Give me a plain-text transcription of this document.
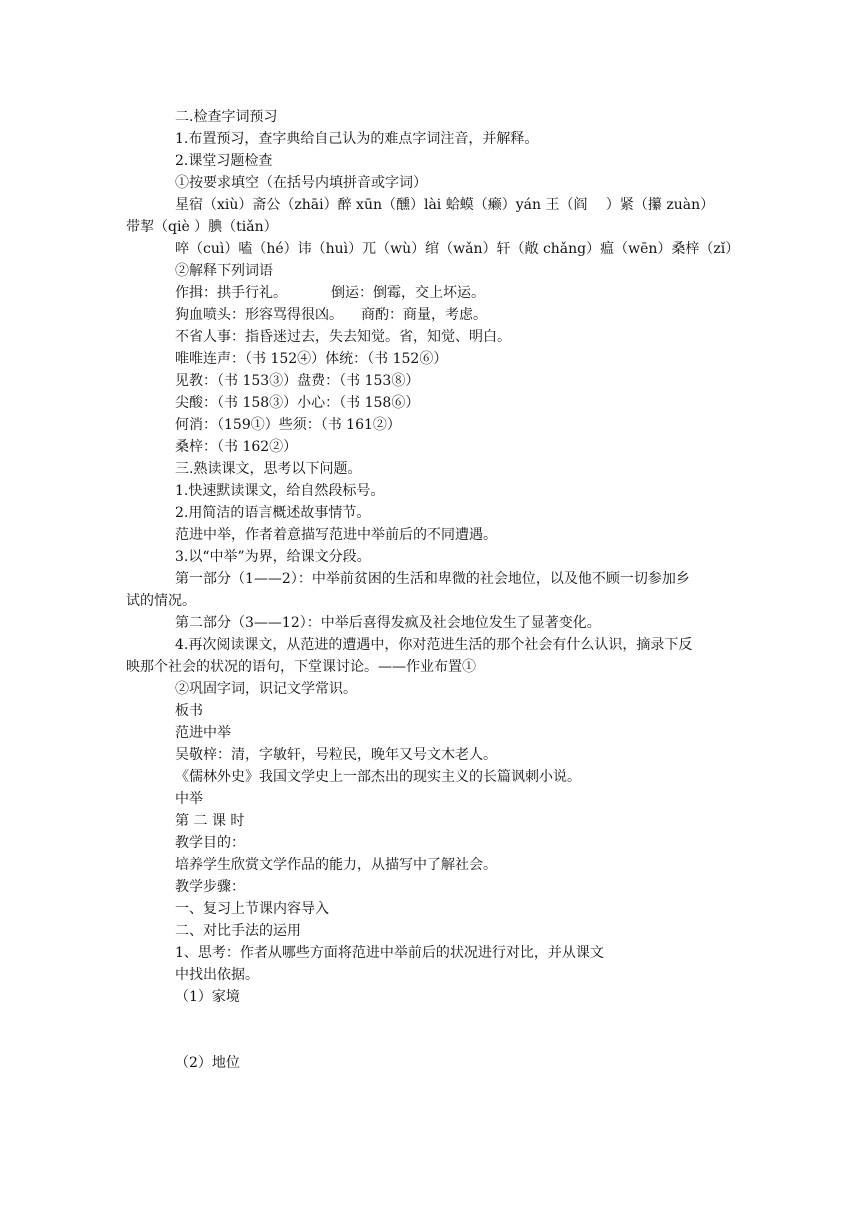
二.检查字词预习
1.布置预习，查字典给自己认为的难点字词注音，并解释。
2.课堂习题检查
①按要求填空（在括号内填拼音或字词）
星宿（xiù）斋公（zhāi）醉 xūn（醺）lài 蛤蟆（癞）yán 王（阎　 ）紧（攥 zuàn）
带挈（qiè ）腆（tiǎn）
啐（cuì）嗑（hé）讳（huì）兀（wù）绾（wǎn）轩（敞 chǎng）瘟（wēn）桑梓（zǐ）
②解释下列词语
作揖：拱手行礼。	倒运：倒霉，交上坏运。
狗血喷头：形容骂得很凶。 商酌：商量，考虑。
不省人事：指昏迷过去，失去知觉。省，知觉、明白。
唯唯连声：（书 152④）体统：（书 152⑥）
见教：（书 153③）盘费：（书 153⑧）
尖酸：（书 158③）小心：（书 158⑥）
何消：（159①）些须：（书 161②）
桑梓：（书 162②）
三.熟读课文，思考以下问题。
1.快速默读课文，给自然段标号。
2.用简洁的语言概述故事情节。
范进中举，作者着意描写范进中举前后的不同遭遇。
3.以“中举”为界，给课文分段。
第一部分（1——2）：中举前贫困的生活和卑微的社会地位，以及他不顾一切参加乡
试的情况。
第二部分（3——12）：中举后喜得发疯及社会地位发生了显著变化。
4.再次阅读课文，从范进的遭遇中，你对范进生活的那个社会有什么认识，摘录下反
映那个社会的状况的语句，下堂课讨论。——作业布置①
②巩固字词，识记文学常识。
板书
范进中举
吴敬梓：清，字敏轩，号粒民，晚年又号文木老人。
《儒林外史》我国文学史上一部杰出的现实主义的长篇讽刺小说。
中举
第 二 课 时
教学目的：
培养学生欣赏文学作品的能力，从描写中了解社会。
教学步骤：
一、复习上节课内容导入
二、对比手法的运用
1、思考：作者从哪些方面将范进中举前后的状况进行对比，并从课文
中找出依据。
（1）家境
（2）地位
